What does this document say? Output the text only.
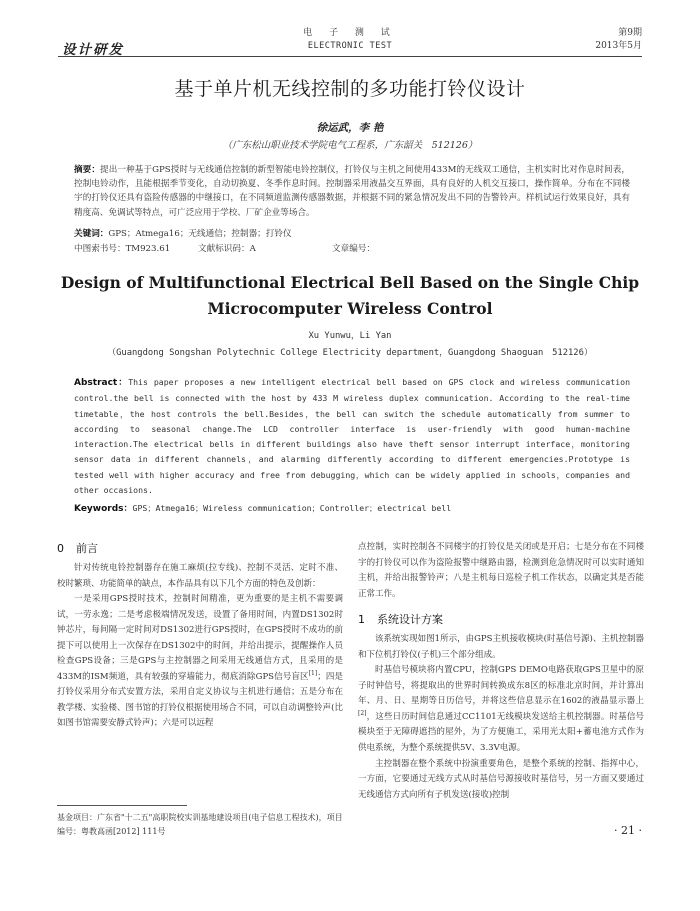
设计研发
电 子 测 试
ELECTRONIC TEST
第9期
2013年5月
基于单片机无线控制的多功能打铃仪设计
徐运武，李 艳
（广东松山职业技术学院电气工程系，广东韶关　512126）
摘要：提出一种基于GPS授时与无线通信控制的新型智能电铃控制仪，打铃仪与主机之间使用433M的无线双工通信，主机实时比对作息时间表，控制电铃动作，且能根据季节变化，自动切换夏、冬季作息时间。控制器采用液晶交互界面，具有良好的人机交互接口，操作简单。分布在不同楼宇的打铃仪还具有盗险传感器的中继接口，在不同频道监测传感器数据，并根据不同的紧急情况发出不同的告警铃声。样机试运行效果良好，具有精度高、免调试等特点，可广泛应用于学校、厂矿企业等场合。
关键词：GPS；Atmega16；无线通信；控制器；打铃仪
中图索书号：TM923.61	文献标识码：A	文章编号：
Design of Multifunctional Electrical Bell Based on the Single Chip Microcomputer Wireless Control
Xu Yunwu，Li Yan
（Guangdong Songshan Polytechnic College Electricity department，Guangdong Shaoguan　512126）
Abstract：This paper proposes a new intelligent electrical bell based on GPS clock and wireless communication control.the bell is connected with the host by 433 M wireless duplex communication. According to the real-time timetable，the host controls the bell.Besides，the bell can switch the schedule automatically from summer to according to seasonal change.The LCD controller interface is user-friendly with good human-machine interaction.The electrical bells in different buildings also have theft sensor interrupt interface，monitoring sensor data in different channels，and alarming differently according to different emergencies.Prototype is tested well with higher accuracy and free from debugging，which can be widely applied in schools，companies and other occasions.
Keywords：GPS；Atmega16；Wireless communication；Controller；electrical bell
0 前言

针对传统电铃控制器存在施工麻烦(拉专线)、控制不灵活、定时不准、校时繁琐、功能简单的缺点，本作品具有以下几个方面的特色及创新：

一是采用GPS授时技术，控制时间精准，更为重要的是主机不需要调试，一劳永逸；二是考虑极端情况发送，设置了备用时间，内置DS1302时钟芯片，每间隔一定时间对DS1302进行GPS授时，在GPS授时不成功的前提下可以使用上一次保存在DS1302中的时间，并给出提示，提醒操作人员检查GPS设备；三是GPS与主控制器之间采用无线通信方式，且采用的是433M的ISM频道，具有较强的穿墙能力，彻底消除GPS信号盲区[1]；四是打铃仪采用分布式安置方法，采用自定义协议与主机进行通信；五是分布在教学楼、实验楼、图书馆的打铃仪根据使用场合不同，可以自动调整铃声(比如图书馆需要安静式铃声)；六是可以远程

点控制，实时控制各不同楼宇的打铃仪是关闭或是开启；七是分布在不同楼宇的打铃仪可以作为盗险报警中继路由器，检测到危急情况时可以实时通知主机，并给出报警铃声；八是主机每日巡检子机工作状态，以确定其是否能正常工作。
1 系统设计方案

该系统实现如图1所示，由GPS主机接收模块(时基信号源)、主机控制器和下位机打铃仪(子机)三个部分组成。

时基信号模块将内置CPU，控制GPS DEMO电路获取GPS卫星中的原子时钟信号，将提取出的世界时间转换成东8区的标准北京时间，并计算出年、月、日、星期等日历信号，并将这些信息显示在1602的液晶显示器上[2]，这些日历时间信息通过CC1101无线模块发送给主机控制器。时基信号模块至于无障碍遮挡的屋外，为了方便施工，采用光太阳+蓄电池方式作为供电系统，为整个系统提供5V、3.3V电源。

主控制器在整个系统中扮演重要角色，是整个系统的控制、指挥中心，一方面，它要通过无线方式从时基信号源接收时基信号，另一方面又要通过无线通信方式向所有子机发送(接收)控制

基金项目：广东省"十二五"高职院校实训基地建设项目(电子信息工程技术)，项目编号：粤教高函[2012] 111号	· 21 ·
